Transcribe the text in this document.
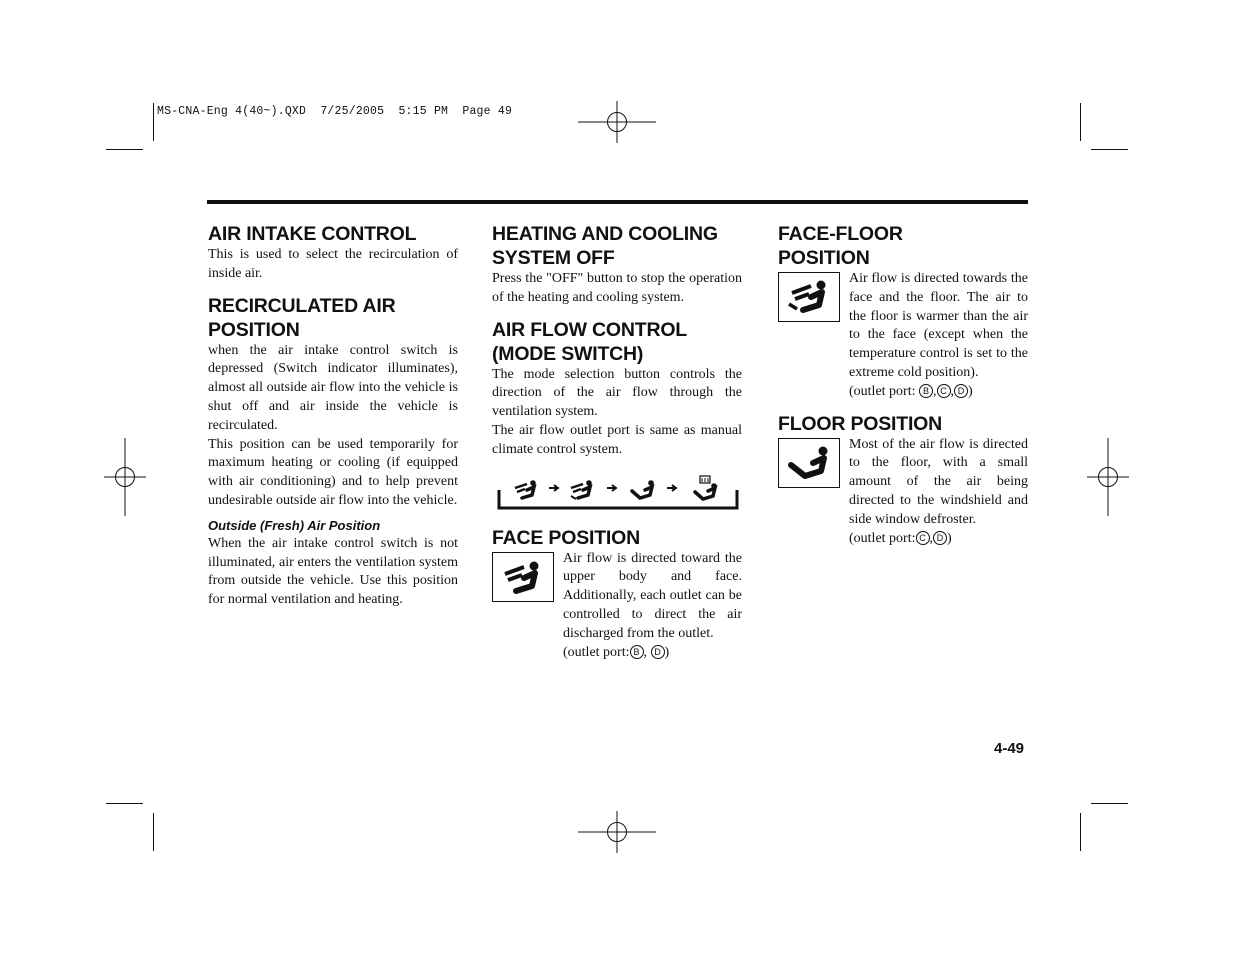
MS-CNA-Eng 4(40~).QXD  7/25/2005  5:15 PM  Page 49
AIR INTAKE CONTROL

This is used to select the recirculation of inside air.

RECIRCULATED AIR POSITION

when the air intake control switch is depressed (Switch indicator illuminates), almost all outside air flow into the vehicle is shut off and air inside the vehicle is recirculated.

This position can be used temporarily for maximum heating or cooling (if equipped with air conditioning) and to help prevent undesirable outside air flow into the vehicle.

Outside (Fresh) Air Position

When the air intake control switch is not illuminated, air enters the ventilation system from outside the vehicle. Use this position for normal ventilation and heating.

HEATING AND COOLING SYSTEM OFF

Press the "OFF" button to stop the operation of the heating and cooling system.

AIR FLOW CONTROL (MODE SWITCH)

The mode selection button controls the direction of the air flow through the ventilation system.

The air flow outlet port is same as manual climate control system.

FACE POSITION

Air flow is directed toward the upper body and face. Additionally, each outlet can be controlled to direct the air discharged from the outlet.

(outlet port: B , D )

FACE-FLOOR POSITION

Air flow is directed towards the face and the floor. The air to the floor is warmer than the air to the face (except when the temperature control is set to the extreme cold position).

(outlet port: B , C , D )

FLOOR POSITION

Most of the air flow is directed to the floor, with a small amount of the air being directed to the windshield and side window defroster.

(outlet port: C , D )

4-49
